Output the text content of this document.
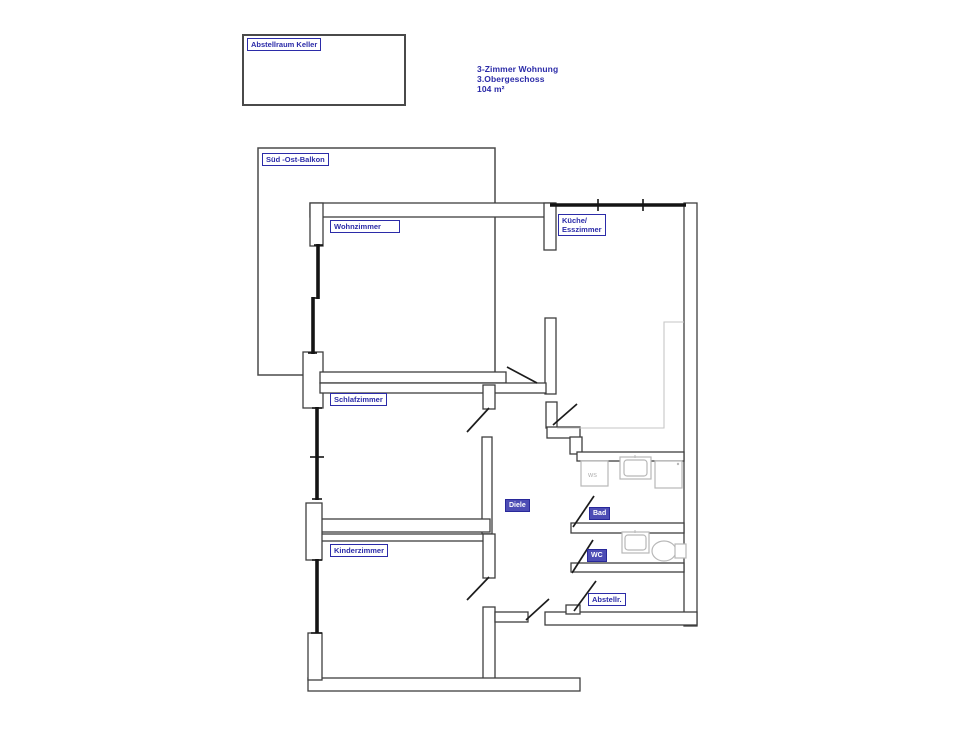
WS
3-Zimmer Wohnung
3.Obergeschoss
104 m²
Abstellraum Keller
Süd -Ost-Balkon
Wohnzimmer
Küche/
Esszimmer
Schlafzimmer
Kinderzimmer
Diele
Bad
WC
Abstellr.
